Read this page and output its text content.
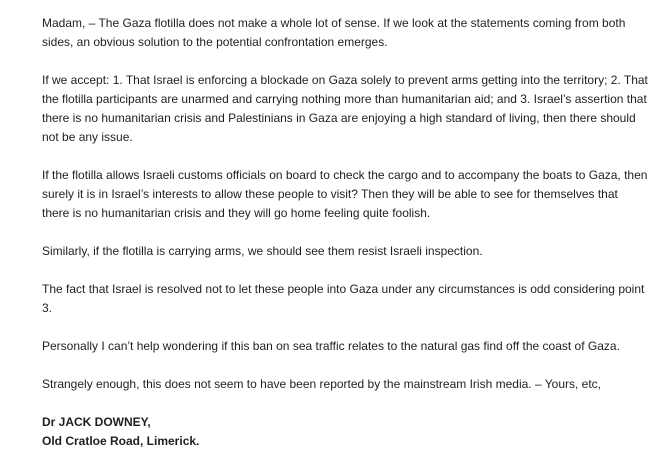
Madam, – The Gaza flotilla does not make a whole lot of sense. If we look at the statements coming from both sides, an obvious solution to the potential confrontation emerges.

If we accept: 1. That Israel is enforcing a blockade on Gaza solely to prevent arms getting into the territory; 2. That the flotilla participants are unarmed and carrying nothing more than humanitarian aid; and 3. Israel’s assertion that there is no humanitarian crisis and Palestinians in Gaza are enjoying a high standard of living, then there should not be any issue.

If the flotilla allows Israeli customs officials on board to check the cargo and to accompany the boats to Gaza, then surely it is in Israel’s interests to allow these people to visit? Then they will be able to see for themselves that there is no humanitarian crisis and they will go home feeling quite foolish.

Similarly, if the flotilla is carrying arms, we should see them resist Israeli inspection.

The fact that Israel is resolved not to let these people into Gaza under any circumstances is odd considering point 3.

Personally I can’t help wondering if this ban on sea traffic relates to the natural gas find off the coast of Gaza.

Strangely enough, this does not seem to have been reported by the mainstream Irish media. – Yours, etc,

Dr JACK DOWNEY,
Old Cratloe Road, Limerick.
